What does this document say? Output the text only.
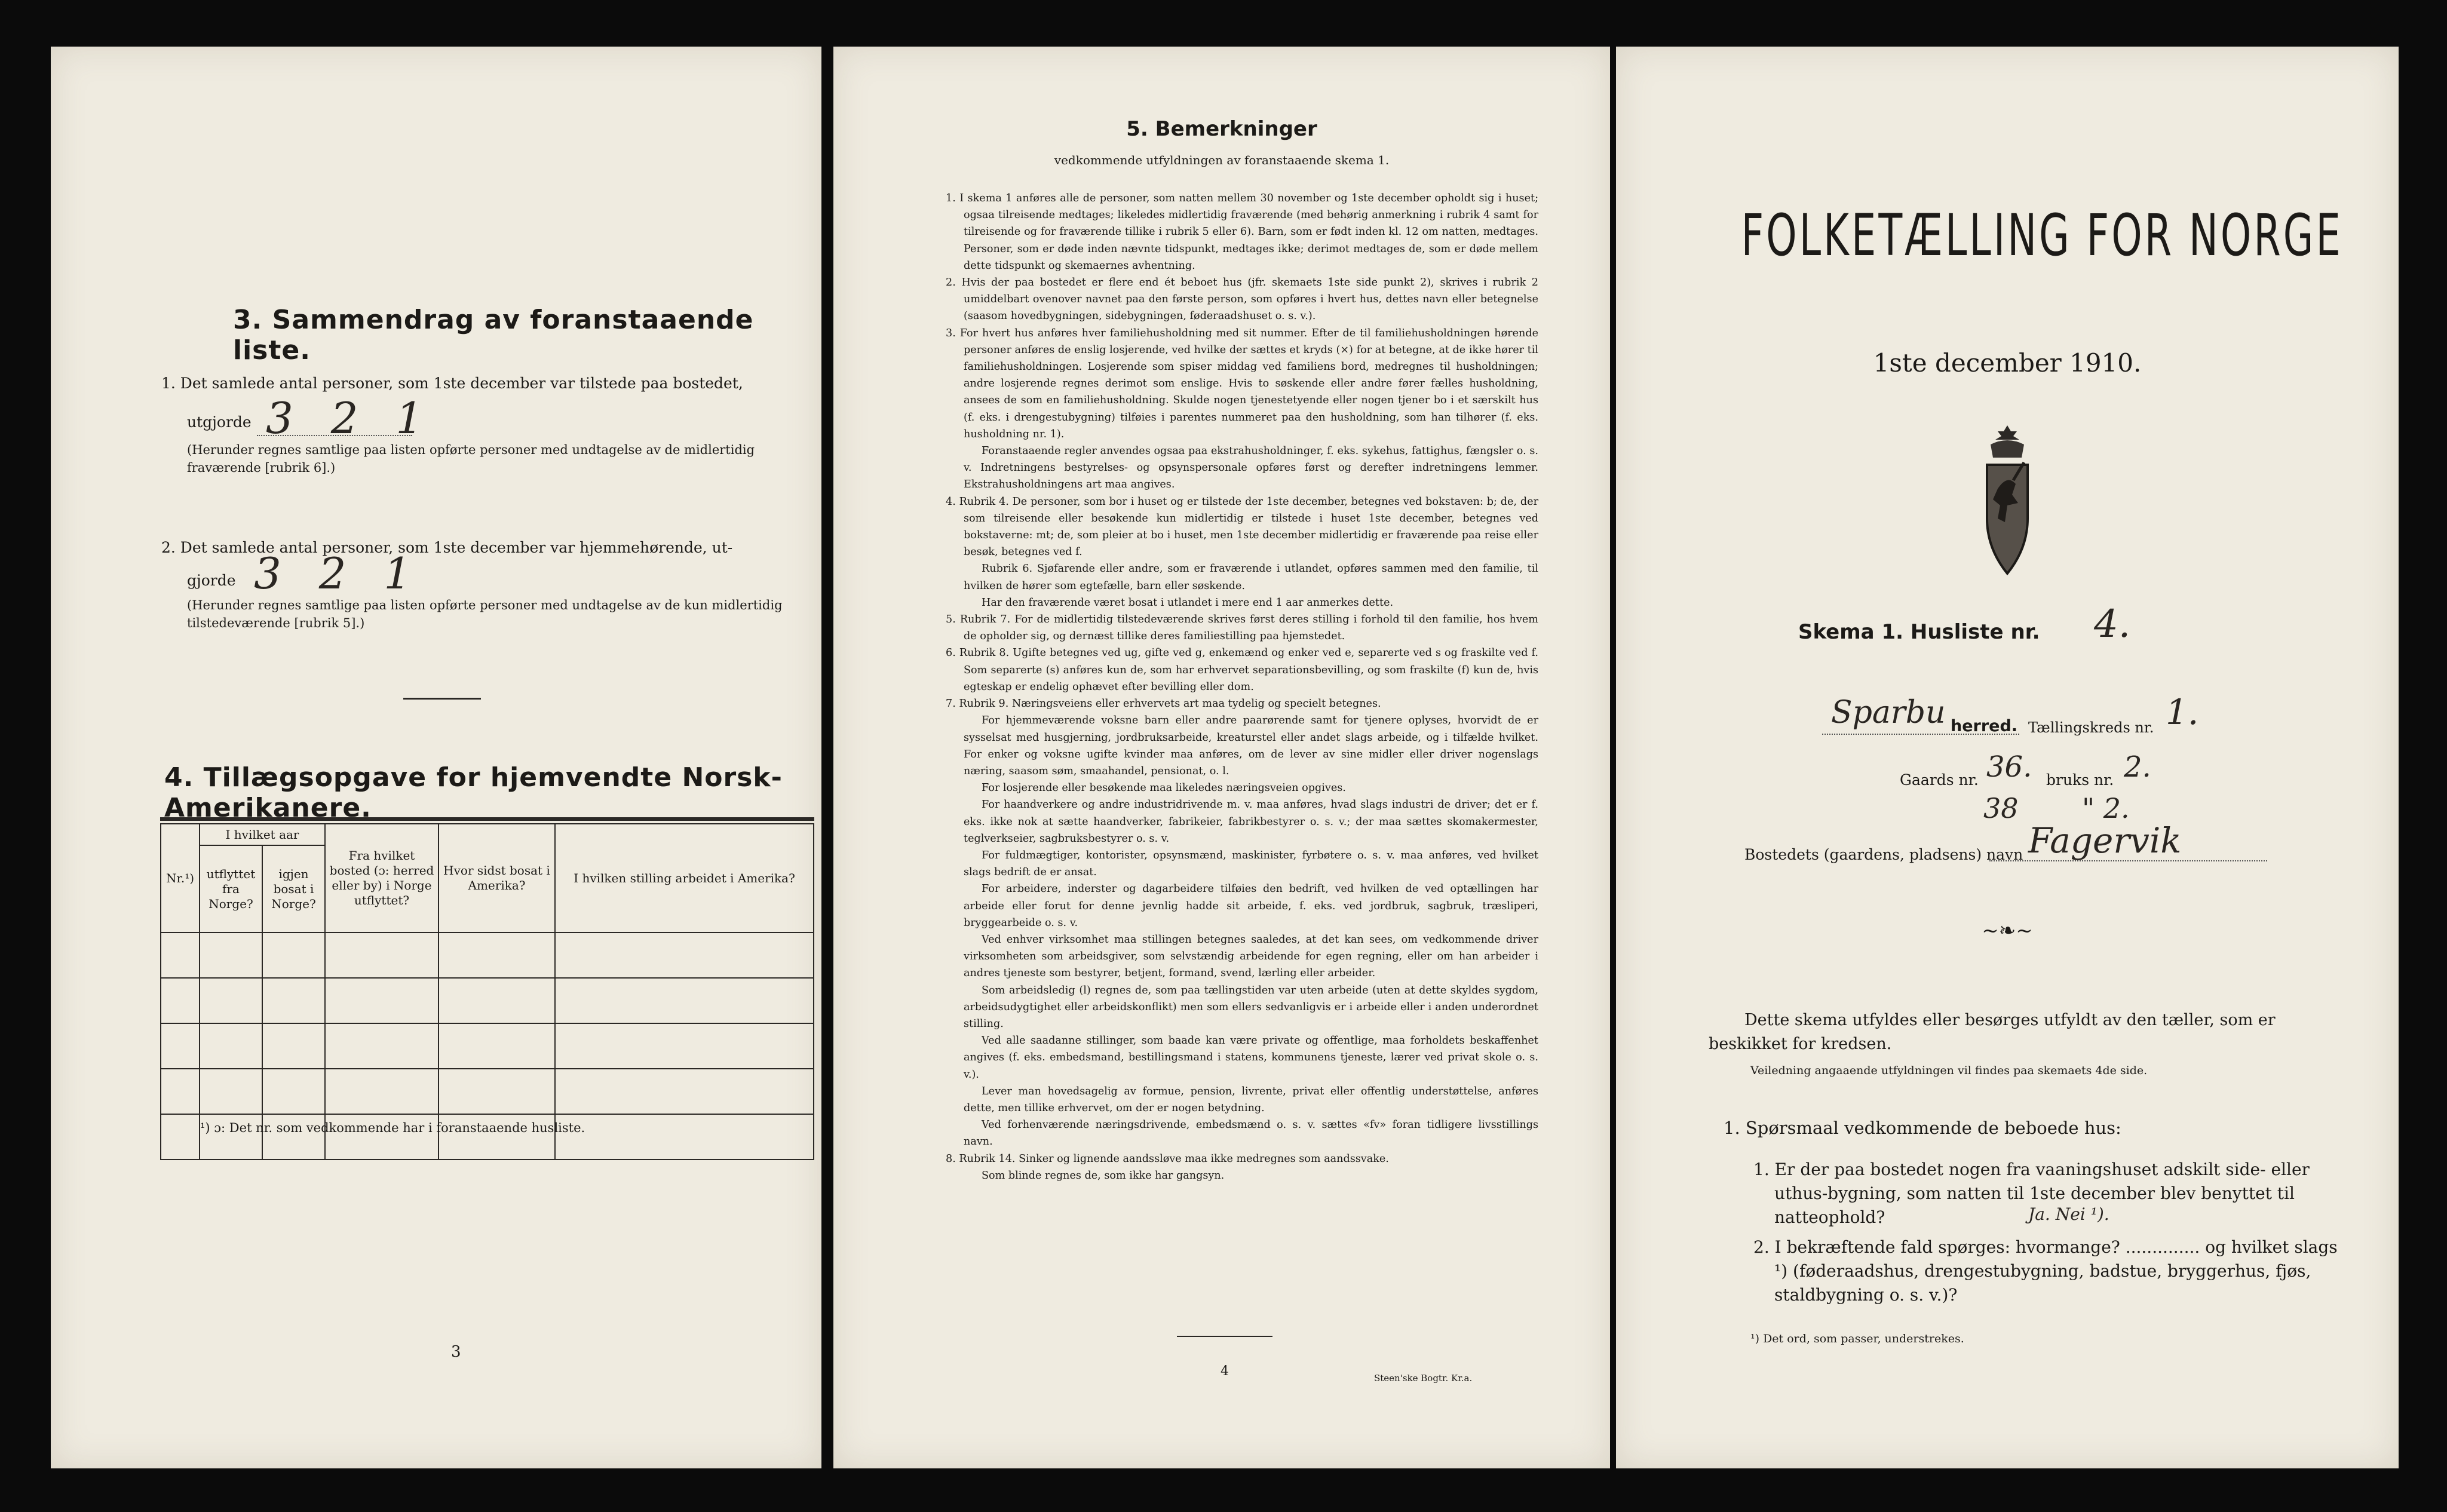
3. Sammendrag av foranstaaende liste.
1. Det samlede antal personer, som 1ste december var tilstede paa bostedet,
utgjorde 3 2 1
(Herunder regnes samtlige paa listen opførte personer med undtagelse av de midlertidig fraværende [rubrik 6].)
2. Det samlede antal personer, som 1ste december var hjemmehørende, ut-
gjorde 3 2 1
(Herunder regnes samtlige paa listen opførte personer med undtagelse av de kun midlertidig tilstedeværende [rubrik 5].)
4. Tillægsopgave for hjemvendte Norsk-Amerikanere.
Nr.¹)	I hvilket aar		Fra hvilket bosted (ɔ: herred eller by) i Norge utflyttet?	Hvor sidst bosat i Amerika?	I hvilken stilling arbeidet i Amerika?
	utflyttet fra Norge?	igjen bosat i Norge?			

¹) ɔ: Det nr. som vedkommende har i foranstaaende husliste.
3
5. Bemerkninger
vedkommende utfyldningen av foranstaaende skema 1.

1. I skema 1 anføres alle de personer, som natten mellem 30 november og 1ste december opholdt sig i huset; ogsaa tilreisende medtages; likeledes midlertidig fraværende (med behørig anmerkning i rubrik 4 samt for tilreisende og for fraværende tillike i rubrik 5 eller 6). Barn, som er født inden kl. 12 om natten, medtages. Personer, som er døde inden nævnte tidspunkt, medtages ikke; derimot medtages de, som er døde mellem dette tidspunkt og skemaernes avhentning.

2. Hvis der paa bostedet er flere end ét beboet hus (jfr. skemaets 1ste side punkt 2), skrives i rubrik 2 umiddelbart ovenover navnet paa den første person, som opføres i hvert hus, dettes navn eller betegnelse (saasom hovedbygningen, sidebygningen, føderaadshuset o. s. v.).

3. For hvert hus anføres hver familiehusholdning med sit nummer. Efter de til familiehusholdningen hørende personer anføres de enslig losjerende, ved hvilke der sættes et kryds (×) for at betegne, at de ikke hører til familiehusholdningen. Losjerende som spiser middag ved familiens bord, medregnes til husholdningen; andre losjerende regnes derimot som enslige. Hvis to søskende eller andre fører fælles husholdning, ansees de som en familiehusholdning. Skulde nogen tjenestetyende eller nogen tjener bo i et særskilt hus (f. eks. i drengestubygning) tilføies i parentes nummeret paa den husholdning, som han tilhører (f. eks. husholdning nr. 1).

Foranstaaende regler anvendes ogsaa paa ekstrahusholdninger, f. eks. sykehus, fattighus, fængsler o. s. v. Indretningens bestyrelses- og opsynspersonale opføres først og derefter indretningens lemmer. Ekstrahusholdningens art maa angives.

4. Rubrik 4. De personer, som bor i huset og er tilstede der 1ste december, betegnes ved bokstaven: b; de, der som tilreisende eller besøkende kun midlertidig er tilstede i huset 1ste december, betegnes ved bokstaverne: mt; de, som pleier at bo i huset, men 1ste december midlertidig er fraværende paa reise eller besøk, betegnes ved f.

Rubrik 6. Sjøfarende eller andre, som er fraværende i utlandet, opføres sammen med den familie, til hvilken de hører som egtefælle, barn eller søskende.

Har den fraværende været bosat i utlandet i mere end 1 aar anmerkes dette.

5. Rubrik 7. For de midlertidig tilstedeværende skrives først deres stilling i forhold til den familie, hos hvem de opholder sig, og dernæst tillike deres familiestilling paa hjemstedet.

6. Rubrik 8. Ugifte betegnes ved ug, gifte ved g, enkemænd og enker ved e, separerte ved s og fraskilte ved f. Som separerte (s) anføres kun de, som har erhvervet separationsbevilling, og som fraskilte (f) kun de, hvis egteskap er endelig ophævet efter bevilling eller dom.

7. Rubrik 9. Næringsveiens eller erhvervets art maa tydelig og specielt betegnes.

For hjemmeværende voksne barn eller andre paarørende samt for tjenere oplyses, hvorvidt de er sysselsat med husgjerning, jordbruksarbeide, kreaturstel eller andet slags arbeide, og i tilfælde hvilket. For enker og voksne ugifte kvinder maa anføres, om de lever av sine midler eller driver nogenslags næring, saasom søm, smaahandel, pensionat, o. l.

For losjerende eller besøkende maa likeledes næringsveien opgives.

For haandverkere og andre industridrivende m. v. maa anføres, hvad slags industri de driver; det er f. eks. ikke nok at sætte haandverker, fabrikeier, fabrikbestyrer o. s. v.; der maa sættes skomakermester, teglverkseier, sagbruksbestyrer o. s. v.

For fuldmægtiger, kontorister, opsynsmænd, maskinister, fyrbøtere o. s. v. maa anføres, ved hvilket slags bedrift de er ansat.

For arbeidere, inderster og dagarbeidere tilføies den bedrift, ved hvilken de ved optællingen har arbeide eller forut for denne jevnlig hadde sit arbeide, f. eks. ved jordbruk, sagbruk, træsliperi, bryggearbeide o. s. v.

Ved enhver virksomhet maa stillingen betegnes saaledes, at det kan sees, om vedkommende driver virksomheten som arbeidsgiver, som selvstændig arbeidende for egen regning, eller om han arbeider i andres tjeneste som bestyrer, betjent, formand, svend, lærling eller arbeider.

Som arbeidsledig (l) regnes de, som paa tællingstiden var uten arbeide (uten at dette skyldes sygdom, arbeidsudygtighet eller arbeidskonflikt) men som ellers sedvanligvis er i arbeide eller i anden underordnet stilling.

Ved alle saadanne stillinger, som baade kan være private og offentlige, maa forholdets beskaffenhet angives (f. eks. embedsmand, bestillingsmand i statens, kommunens tjeneste, lærer ved privat skole o. s. v.).

Lever man hovedsagelig av formue, pension, livrente, privat eller offentlig understøttelse, anføres dette, men tillike erhvervet, om der er nogen betydning.

Ved forhenværende næringsdrivende, embedsmænd o. s. v. sættes «fv» foran tidligere livsstillings navn.

8. Rubrik 14. Sinker og lignende aandssløve maa ikke medregnes som aandssvake.

Som blinde regnes de, som ikke har gangsyn.

4	Steen'ske Bogtr. Kr.a.
FOLKETÆLLING FOR NORGE
1ste december 1910.
Skema 1. Husliste nr. 4.
Sparbu herred. Tællingskreds nr. 1.
Gaards nr. 36. bruks nr. 2.
38 " 2.
Bostedets (gaardens, pladsens) navn Fagervik
~❧~
Dette skema utfyldes eller besørges utfyldt av den tæller, som er beskikket for kredsen.
Veiledning angaaende utfyldningen vil findes paa skemaets 4de side.
1. Spørsmaal vedkommende de beboede hus:
1. Er der paa bostedet nogen fra vaaningshuset adskilt side- eller uthus-bygning, som natten til 1ste december blev benyttet til natteophold?	Ja. Nei ¹).
2. I bekræftende fald spørges: hvormange? .............. og hvilket slags ¹) (føderaadshus, drengestubygning, badstue, bryggerhus, fjøs, staldbygning o. s. v.)?
¹) Det ord, som passer, understrekes.
